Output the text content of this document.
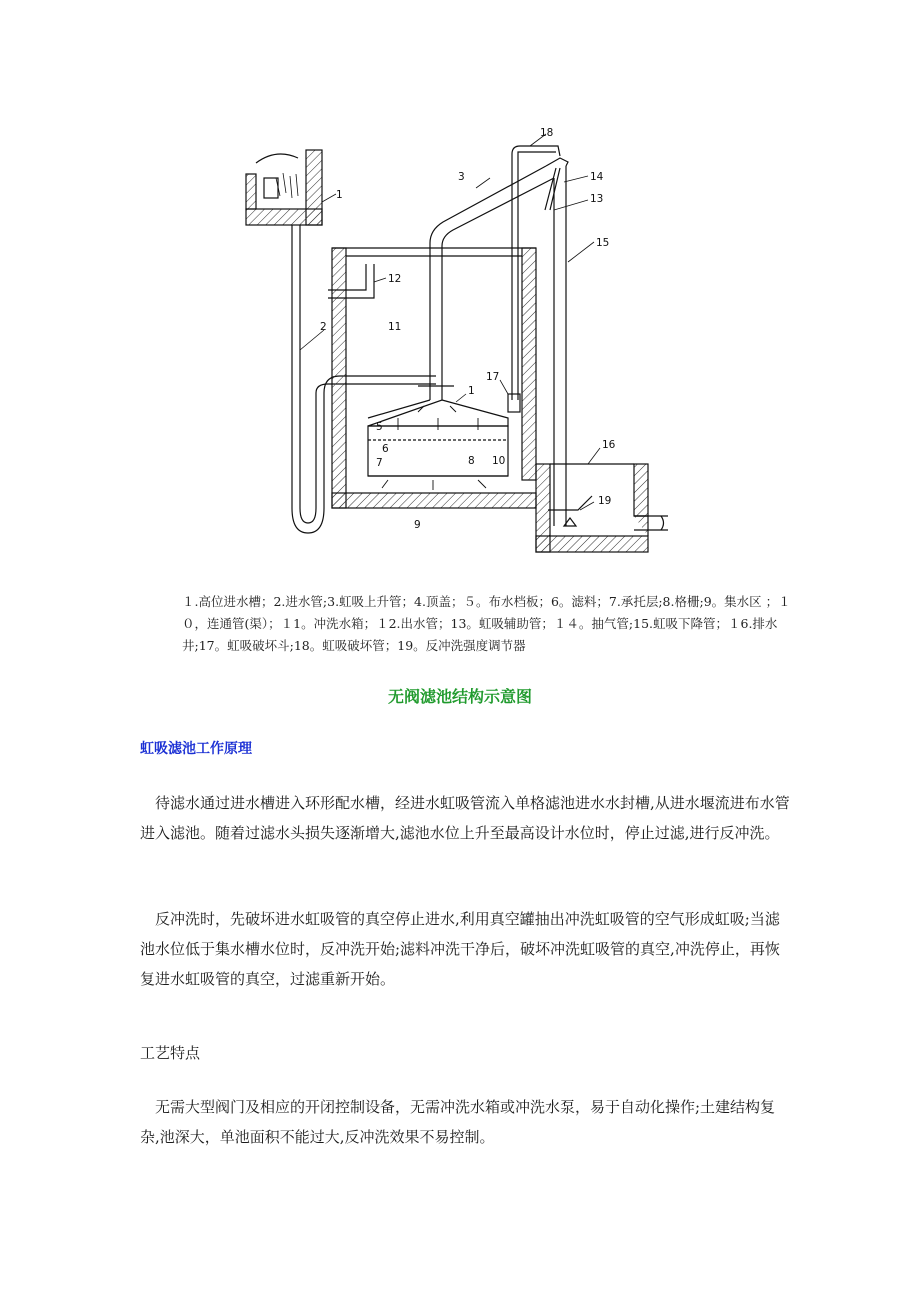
1
2
3
18
14
13
15
12
11
17
1
5
6
7	8 10
9
16
19
１.高位进水槽；2.进水管;3.虹吸上升管；4.顶盖；５。布水档板；6。滤料；7.承托层;8.格栅;9。集水区 ；１０，连通管(渠）；１1。冲洗水箱；１2.出水管；13。虹吸辅助管；１４。抽气管;15.虹吸下降管；１6.排水井;17。虹吸破坏斗;18。虹吸破坏管；19。反冲洗强度调节器
无阀滤池结构示意图
虹吸滤池工作原理
待滤水通过进水槽进入环形配水槽，经进水虹吸管流入单格滤池进水水封槽,从进水堰流进布水管进入滤池。随着过滤水头损失逐渐增大,滤池水位上升至最高设计水位时，停止过滤,进行反冲洗。
反冲洗时，先破坏进水虹吸管的真空停止进水,利用真空罐抽出冲洗虹吸管的空气形成虹吸;当滤池水位低于集水槽水位时，反冲洗开始;滤料冲洗干净后，破坏冲洗虹吸管的真空,冲洗停止，再恢复进水虹吸管的真空，过滤重新开始。
工艺特点
无需大型阀门及相应的开闭控制设备，无需冲洗水箱或冲洗水泵，易于自动化操作;土建结构复杂,池深大，单池面积不能过大,反冲洗效果不易控制。
